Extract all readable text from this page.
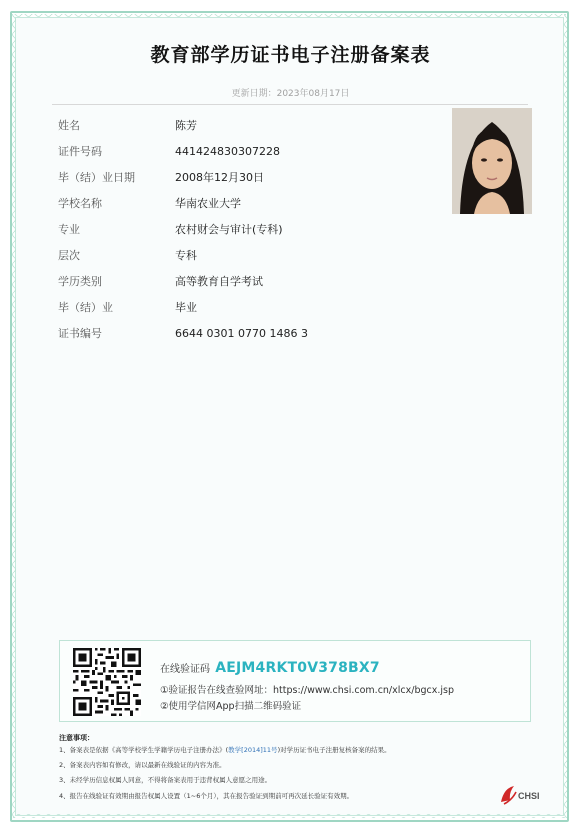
教育部学历证书电子注册备案表
更新日期：2023年08月17日
姓名	陈芳
证件号码	441424830307228
毕（结）业日期	2008年12月30日
学校名称	华南农业大学
专业	农村财会与审计(专科)
层次	专科
学历类别	高等教育自学考试
毕（结）业	毕业
证书编号	6644 0301 0770 1486 3
在线验证码 AEJM4RKT0V378BX7
①验证报告在线查验网址：https://www.chsi.com.cn/xlcx/bgcx.jsp
②使用学信网App扫描二维码验证
注意事项：
1、备案表是依据《高等学校学生学籍学历电子注册办法》(教学[2014]11号)对学历证书电子注册复核备案的结果。
2、备案表内容如有修改，请以最新在线验证的内容为准。
3、未经学历信息权属人同意，不得将备案表用于违背权属人意愿之用途。
4、报告在线验证有效期由报告权属人设置（1~6个月），其在报告验证到期前可再次延长验证有效期。	CHSI
